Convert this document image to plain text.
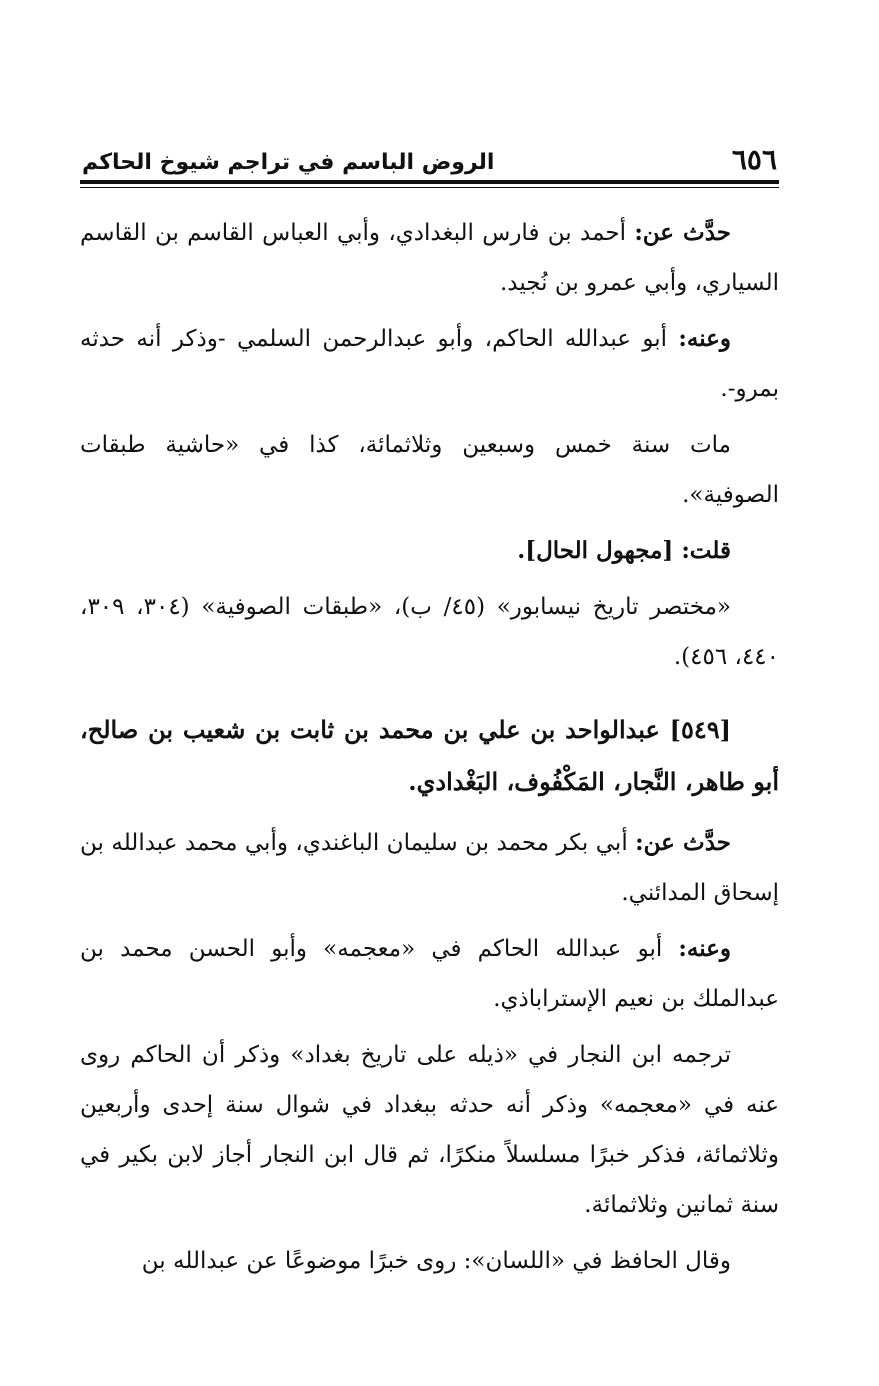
٦٥٦
الروض الباسم في تراجم شيوخ الحاكم

حدَّث عن: أحمد بن فارس البغدادي، وأبي العباس القاسم بن القاسم السياري، وأبي عمرو بن نُجيد.

وعنه: أبو عبدالله الحاكم، وأبو عبدالرحمن السلمي -وذكر أنه حدثه بمرو-.

مات سنة خمس وسبعين وثلاثمائة، كذا في «حاشية طبقات الصوفية».

قلت: [مجهول الحال].

«مختصر تاريخ نيسابور» (٤٥/ ب)، «طبقات الصوفية» (٣٠٤، ٣٠٩، ٤٤٠، ٤٥٦).

[٥٤٩] عبدالواحد بن علي بن محمد بن ثابت بن شعيب بن صالح، أبو طاهر، النَّجار، المَكْفُوف، البَغْدادي.

حدَّث عن: أبي بكر محمد بن سليمان الباغندي، وأبي محمد عبدالله بن إسحاق المدائني.

وعنه: أبو عبدالله الحاكم في «معجمه» وأبو الحسن محمد بن عبدالملك بن نعيم الإستراباذي.

ترجمه ابن النجار في «ذيله على تاريخ بغداد» وذكر أن الحاكم روى عنه في «معجمه» وذكر أنه حدثه ببغداد في شوال سنة إحدى وأربعين وثلاثمائة، فذكر خبرًا مسلسلاً منكرًا، ثم قال ابن النجار أجاز لابن بكير في سنة ثمانين وثلاثمائة.

وقال الحافظ في «اللسان»: روى خبرًا موضوعًا عن عبدالله بن
